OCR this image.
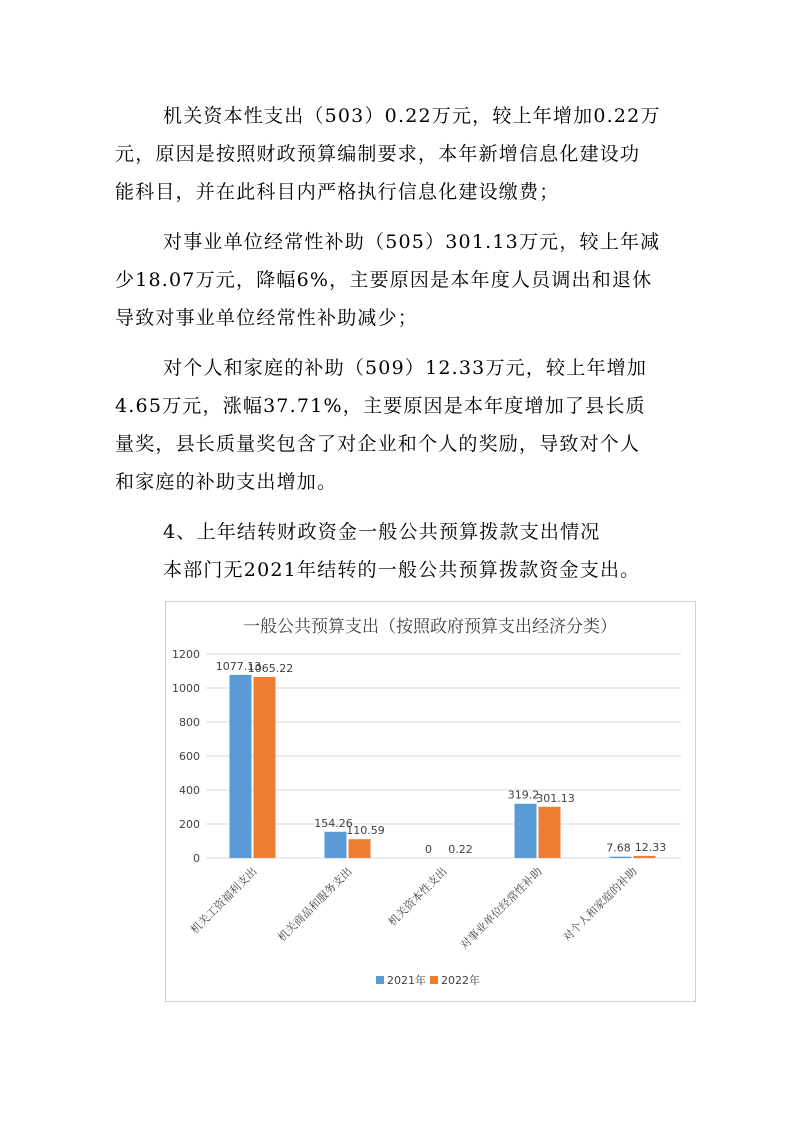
机关资本性支出（503）0.22万元，较上年增加0.22万
元，原因是按照财政预算编制要求，本年新增信息化建设功
能科目，并在此科目内严格执行信息化建设缴费；

对事业单位经常性补助（505）301.13万元，较上年减
少18.07万元，降幅6%，主要原因是本年度人员调出和退休
导致对事业单位经常性补助减少；

对个人和家庭的补助（509）12.33万元，较上年增加
4.65万元，涨幅37.71%，主要原因是本年度增加了县长质
量奖，县长质量奖包含了对企业和个人的奖励，导致对个人
和家庭的补助支出增加。

4、上年结转财政资金一般公共预算拨款支出情况

本部门无2021年结转的一般公共预算拨款资金支出。

一般公共预算支出（按照政府预算支出经济分类）
0
200
400
600
800
1000
1200
1077.13
154.26
0
319.2
7.68
1065.22
110.59
0.22
301.13
12.33
机关工资福利支出 机关商品和服务支出	机关资本性支出 对事业单位经常性补助 对个人和家庭的补助
2021年 2022年
